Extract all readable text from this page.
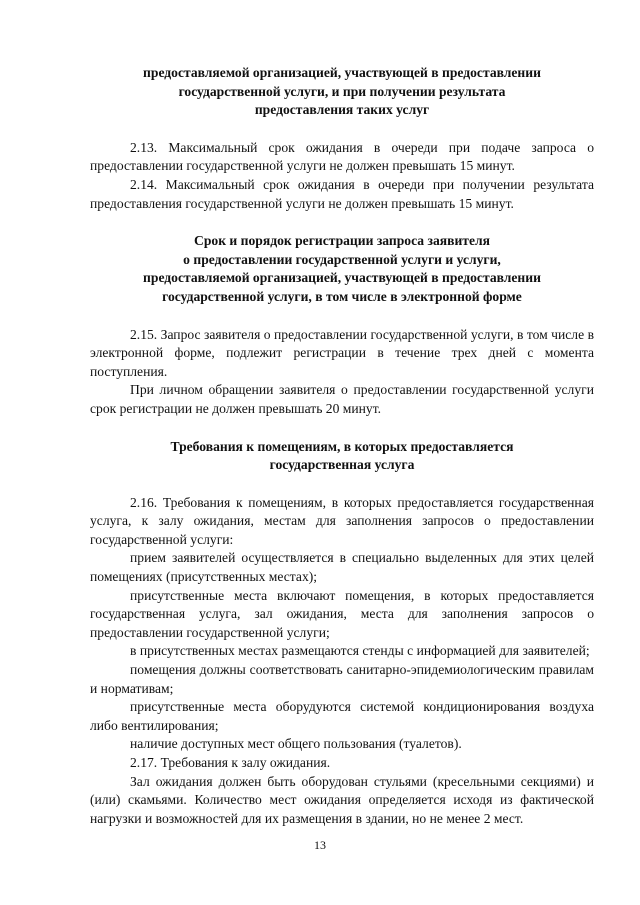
предоставляемой организацией, участвующей в предоставлении
государственной услуги, и при получении результата
предоставления таких услуг

2.13. Максимальный срок ожидания в очереди при подаче запроса о предоставлении государственной услуги не должен превышать 15 минут.

2.14. Максимальный срок ожидания в очереди при получении результата предоставления государственной услуги не должен превышать 15 минут.

Срок и порядок регистрации запроса заявителя
о предоставлении государственной услуги и услуги,
предоставляемой организацией, участвующей в предоставлении
государственной услуги, в том числе в электронной форме

2.15. Запрос заявителя о предоставлении государственной услуги, в том числе в электронной форме, подлежит регистрации в течение трех дней с момента поступления.

При личном обращении заявителя о предоставлении государственной услуги срок регистрации не должен превышать 20 минут.

Требования к помещениям, в которых предоставляется
государственная услуга

2.16. Требования к помещениям, в которых предоставляется государственная услуга, к залу ожидания, местам для заполнения запросов о предоставлении государственной услуги:

прием заявителей осуществляется в специально выделенных для этих целей помещениях (присутственных местах);

присутственные места включают помещения, в которых предоставляется государственная услуга, зал ожидания, места для заполнения запросов о предоставлении государственной услуги;

в присутственных местах размещаются стенды с информацией для заявителей;

помещения должны соответствовать санитарно-эпидемиологическим правилам и нормативам;

присутственные места оборудуются системой кондиционирования воздуха либо вентилирования;

наличие доступных мест общего пользования (туалетов).

2.17. Требования к залу ожидания.

Зал ожидания должен быть оборудован стульями (кресельными секциями) и (или) скамьями. Количество мест ожидания определяется исходя из фактической нагрузки и возможностей для их размещения в здании, но не менее 2 мест.

13
